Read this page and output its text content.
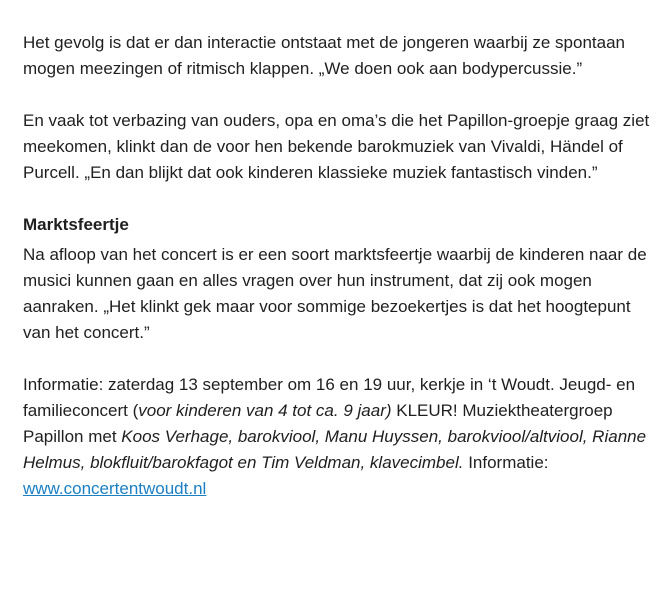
Het gevolg is dat er dan interactie ontstaat met de jongeren waarbij ze spontaan mogen meezingen of ritmisch klappen. „We doen ook aan bodypercussie.”

En vaak tot verbazing van ouders, opa en oma’s die het Papillon-groepje graag ziet meekomen, klinkt dan de voor hen bekende barokmuziek van Vivaldi, Händel of Purcell. „En dan blijkt dat ook kinderen klassieke muziek fantastisch vinden.”

Marktsfeertje

Na afloop van het concert is er een soort marktsfeertje waarbij de kinderen naar de musici kunnen gaan en alles vragen over hun instrument, dat zij ook mogen aanraken. „Het klinkt gek maar voor sommige bezoekertjes is dat het hoogtepunt van het concert.”

Informatie: zaterdag 13 september om 16 en 19 uur, kerkje in ‘t Woudt. Jeugd- en familieconcert (voor kinderen van 4 tot ca. 9 jaar) KLEUR! Muziektheatergroep Papillon met Koos Verhage, barokviool, Manu Huyssen, barokviool/altviool, Rianne Helmus, blokfluit/barokfagot en Tim Veldman, klavecimbel. Informatie: www.concertentwoudt.nl
